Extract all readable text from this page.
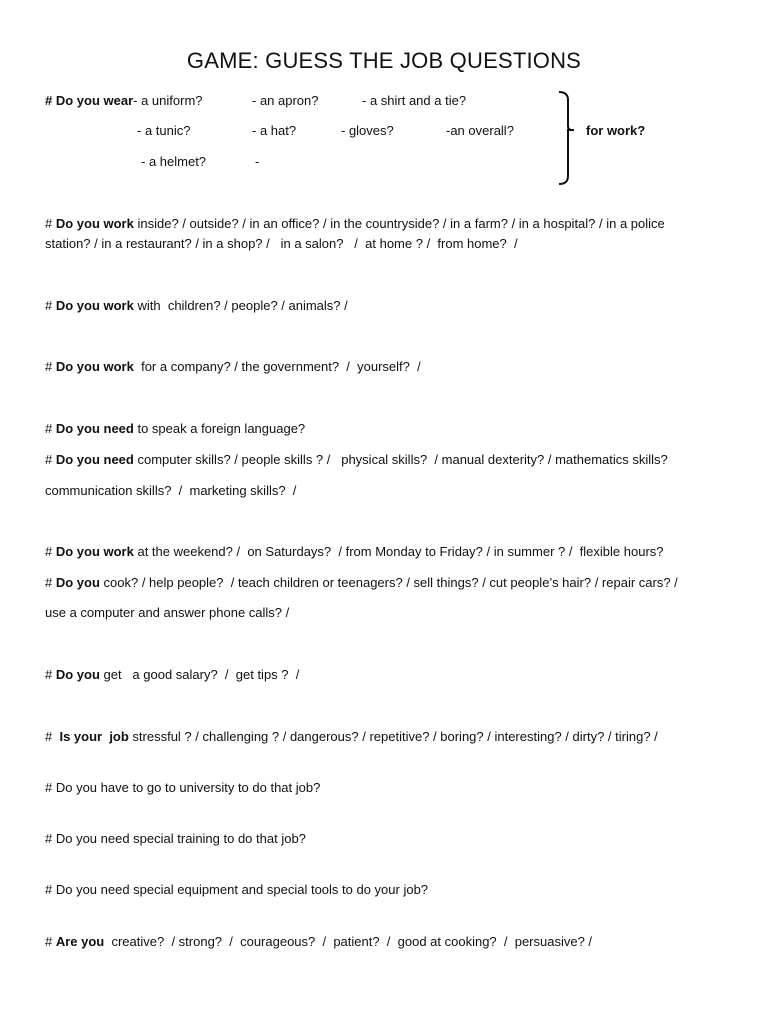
GAME: GUESS THE JOB QUESTIONS
# Do you wear- a uniform?	- an apron?	- a shirt and a tie?
- a tunic?	- a hat?	- gloves?	-an overall?
- a helmet?	-
for work?
# Do you work inside? / outside? / in an office? / in the countryside? / in a farm? / in a hospital? / in a police
station? / in a restaurant? / in a shop? /   in a salon?   /  at home ? /  from home?  /
# Do you work with  children? / people? / animals? /
# Do you work  for a company? / the government?  /  yourself?  /
# Do you need to speak a foreign language?
# Do you need computer skills? / people skills ? /   physical skills?  / manual dexterity? / mathematics skills?
communication skills?  /  marketing skills?  /
# Do you work at the weekend? /  on Saturdays?  / from Monday to Friday? / in summer ? /  flexible hours?
# Do you cook? / help people?  / teach children or teenagers? / sell things? / cut people’s hair? / repair cars? /
use a computer and answer phone calls? /
# Do you get   a good salary?  /  get tips ?  /
#  Is your  job stressful ? / challenging ? / dangerous? / repetitive? / boring? / interesting? / dirty? / tiring? /
# Do you have to go to university to do that job?
# Do you need special training to do that job?
# Do you need special equipment and special tools to do your job?
# Are you  creative?  / strong?  /  courageous?  /  patient?  /  good at cooking?  /  persuasive? /
